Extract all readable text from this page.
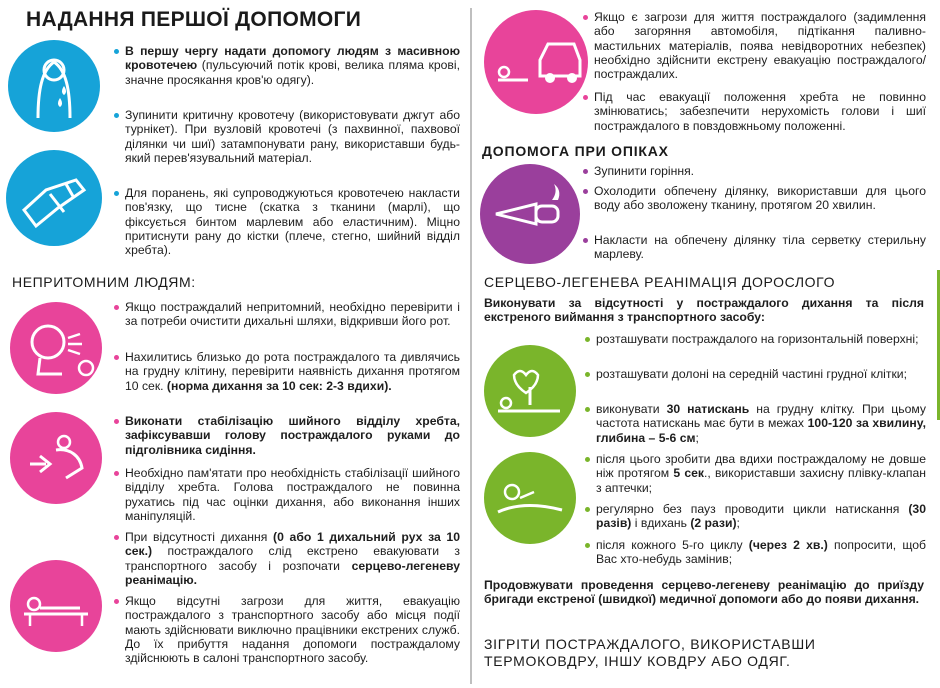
НАДАННЯ ПЕРШОЇ ДОПОМОГИ
В першу чергу надати допомогу людям з масивною кровотечею (пульсуючий потік крові, велика пляма крові, значне просякання кров'ю одягу).
Зупинити критичну кровотечу (використовувати джгут або турнікет). При вузловій кровотечі (з пахвинної, пахвової ділянки чи шиї) затампонувати рану, використавши будь-який перев'язувальний матеріал.
Для поранень, які супроводжуються кровотечею накласти пов'язку, що тисне (скатка з тканини (марлі), що фіксується бинтом марлевим або еластичним). Міцно притиснути рану до кістки (плече, стегно, шийний відділ хребта).
НЕПРИТОМНИМ ЛЮДЯМ:
Якщо постраждалий непритомний, необхідно перевірити і за потреби очистити дихальні шляхи, відкривши його рот.
Нахилитись близько до рота постраждалого та дивлячись на грудну клітину, перевірити наявність дихання протягом 10 сек. (норма дихання за 10 сек: 2-3 вдихи).
Виконати стабілізацію шийного відділу хребта, зафіксувавши голову постраждалого руками до підголівника сидіння.
Необхідно пам'ятати про необхідність стабілізації шийного відділу хребта. Голова постраждалого не повинна рухатись під час оцінки дихання, або виконання інших маніпуляцій.
При відсутності дихання (0 або 1 дихальний рух за 10 сек.) постраждалого слід екстрено евакуювати з транспортного засобу і розпочати серцево-легеневу реанімацію.
Якщо відсутні загрози для життя, евакуацію постраждалого з транспортного засобу або місця події мають здійснювати виключно працівники екстрених служб. До їх прибуття надання допомоги постраждалому здійснюють в салоні транспортного засобу.
Якщо є загрози для життя постраждалого (задимлення або загоряння автомобіля, підтікання паливно-мастильних матеріалів, поява невідворотних небезпек) необхідно здійснити екстрену евакуацію постраждалого/ постраждалих.
Під час евакуації положення хребта не повинно змінюватись; забезпечити нерухомість голови і шиї постраждалого в повздовжньому положенні.
ДОПОМОГА ПРИ ОПІКАХ
Зупинити горіння.
Охолодити обпечену ділянку, використавши для цього воду або зволожену тканину, протягом 20 хвилин.
Накласти на обпечену ділянку тіла серветку стерильну марлеву.
СЕРЦЕВО-ЛЕГЕНЕВА РЕАНІМАЦІЯ ДОРОСЛОГО
Виконувати за відсутності у постраждалого дихання та після екстреного виймання з транспортного засобу:
розташувати постраждалого на горизонтальній поверхні;
розташувати долоні на середній частині грудної клітки;
виконувати 30 натискань на грудну клітку. При цьому частота натискань має бути в межах 100-120 за хвилину, глибина – 5-6 см;
після цього зробити два вдихи постраждалому не довше ніж протягом 5 сек., використавши захисну плівку-клапан з аптечки;
регулярно без пауз проводити цикли натискання (30 разів) і вдихань (2 рази);
після кожного 5-го циклу (через 2 хв.) попросити, щоб Вас хто-небудь замінив;
Продовжувати проведення серцево-легеневу реанімацію до приїзду бригади екстреної (швидкої) медичної допомоги або до появи дихання.
ЗІГРІТИ ПОСТРАЖДАЛОГО, ВИКОРИСТАВШИ ТЕРМОКОВДРУ, ІНШУ КОВДРУ АБО ОДЯГ.
